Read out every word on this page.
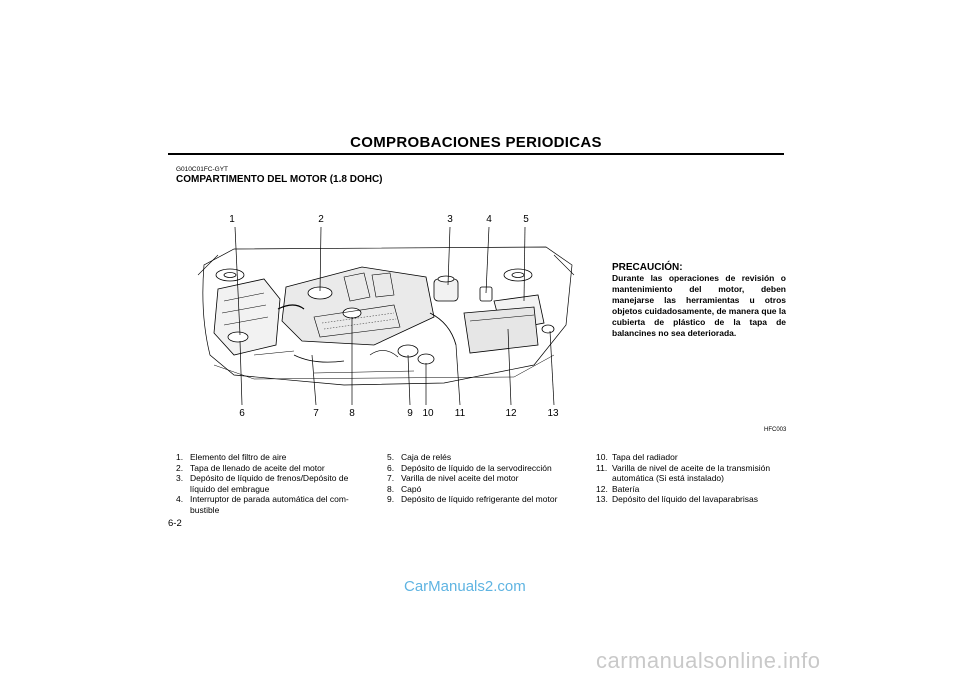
COMPROBACIONES PERIODICAS
G010C01FC-GYT
COMPARTIMENTO DEL MOTOR (1.8 DOHC)
1	2	3	4	5
6	7	8	9 10 11	12	13
PRECAUCIÓN:
Durante las operaciones de revisión o mantenimiento del motor, deben manejarse las herramientas u otros objetos cuidadosamente, de manera que la cubierta de plástico de la tapa de balancines no sea deteriorada.
HFC003
1. Elemento del filtro de aire
2. Tapa de llenado de aceite del motor
3. Depósito de líquido de frenos/Depósito de líquido del embrague
4. Interruptor de parada automática del com-bustible
5. Caja de relés
6. Depósito de líquido de la servodirección
7. Varilla de nivel aceite del motor
8. Capó
9. Depósito de líquido refrigerante del motor
10. Tapa del radiador
11. Varilla de nivel de aceite de la transmisión automática (Si está instalado)
12. Batería
13. Depósito del líquido del lavaparabrisas
6-2
CarManuals2.com
carmanualsonline.info
